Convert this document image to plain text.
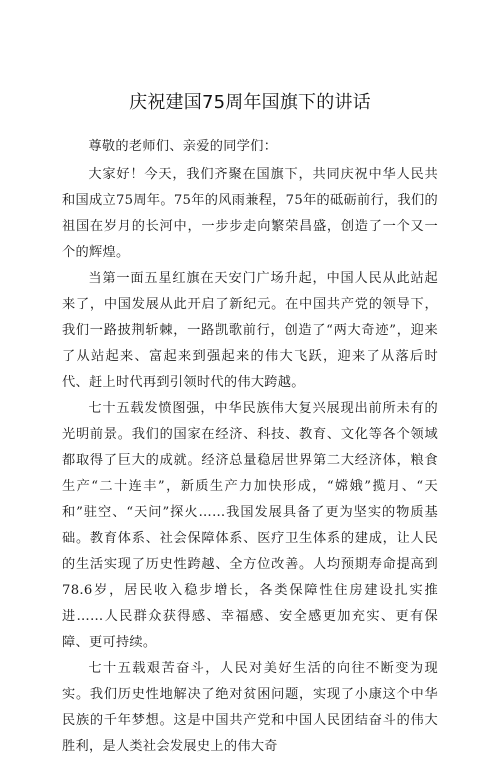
庆祝建国75周年国旗下的讲话

尊敬的老师们、亲爱的同学们：

大家好！今天，我们齐聚在国旗下，共同庆祝中华人民共和国成立75周年。75年的风雨兼程，75年的砥砺前行，我们的祖国在岁月的长河中，一步步走向繁荣昌盛，创造了一个又一个的辉煌。

当第一面五星红旗在天安门广场升起，中国人民从此站起来了，中国发展从此开启了新纪元。在中国共产党的领导下，我们一路披荆斩棘，一路凯歌前行，创造了“两大奇迹”，迎来了从站起来、富起来到强起来的伟大飞跃，迎来了从落后时代、赶上时代再到引领时代的伟大跨越。

七十五载发愤图强，中华民族伟大复兴展现出前所未有的光明前景。我们的国家在经济、科技、教育、文化等各个领域都取得了巨大的成就。经济总量稳居世界第二大经济体，粮食生产“二十连丰”，新质生产力加快形成，“嫦娥”揽月、“天和”驻空、“天问”探火……我国发展具备了更为坚实的物质基础。教育体系、社会保障体系、医疗卫生体系的建成，让人民的生活实现了历史性跨越、全方位改善。人均预期寿命提高到78.6岁，居民收入稳步增长，各类保障性住房建设扎实推进……人民群众获得感、幸福感、安全感更加充实、更有保障、更可持续。

七十五载艰苦奋斗，人民对美好生活的向往不断变为现实。我们历史性地解决了绝对贫困问题，实现了小康这个中华民族的千年梦想。这是中国共产党和中国人民团结奋斗的伟大胜利，是人类社会发展史上的伟大奇
